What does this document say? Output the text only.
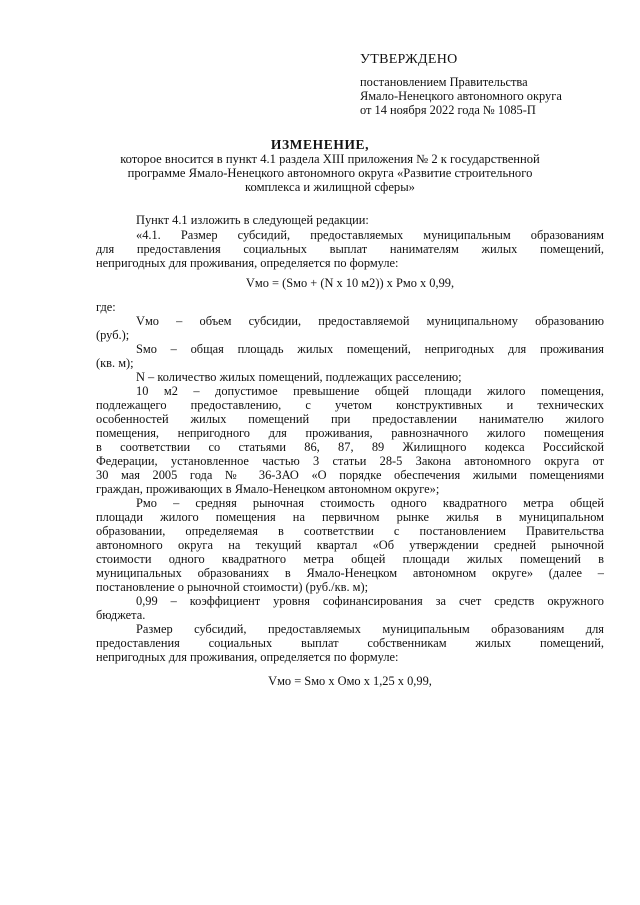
УТВЕРЖДЕНО
постановлением Правительства
Ямало-Ненецкого автономного округа
от 14 ноября 2022 года № 1085-П
ИЗМЕНЕНИЕ,
которое вносится в пункт 4.1 раздела XIII приложения № 2 к государственной
программе Ямало-Ненецкого автономного округа «Развитие строительного
комплекса и жилищной сферы»
Пункт 4.1 изложить в следующей редакции:
«4.1. Размер субсидий, предоставляемых муниципальным образованиям
для предоставления социальных выплат нанимателям жилых помещений,
непригодных для проживания, определяется по формуле:
Vмо = (Sмо + (N x 10 м2)) x Pмо x 0,99,
где:
Vмо – объем субсидии, предоставляемой муниципальному образованию
(руб.);
Sмо – общая площадь жилых помещений, непригодных для проживания
(кв. м);
N – количество жилых помещений, подлежащих расселению;
10 м2 – допустимое превышение общей площади жилого помещения,
подлежащего предоставлению, с учетом конструктивных и технических
особенностей жилых помещений при предоставлении нанимателю жилого
помещения, непригодного для проживания, равнозначного жилого помещения
в соответствии со статьями 86, 87, 89 Жилищного кодекса Российской
Федерации, установленное частью 3 статьи 28-5 Закона автономного округа от
30 мая 2005 года № 36-ЗАО «О порядке обеспечения жилыми помещениями
граждан, проживающих в Ямало-Ненецком автономном округе»;
Pмо – средняя рыночная стоимость одного квадратного метра общей
площади жилого помещения на первичном рынке жилья в муниципальном
образовании, определяемая в соответствии с постановлением Правительства
автономного округа на текущий квартал «Об утверждении средней рыночной
стоимости одного квадратного метра общей площади жилых помещений в
муниципальных образованиях в Ямало-Ненецком автономном округе» (далее –
постановление о рыночной стоимости) (руб./кв. м);
0,99 – коэффициент уровня софинансирования за счет средств окружного
бюджета.
Размер субсидий, предоставляемых муниципальным образованиям для
предоставления социальных выплат собственникам жилых помещений,
непригодных для проживания, определяется по формуле:
Vмо = Sмо x Oмо x 1,25 x 0,99,
